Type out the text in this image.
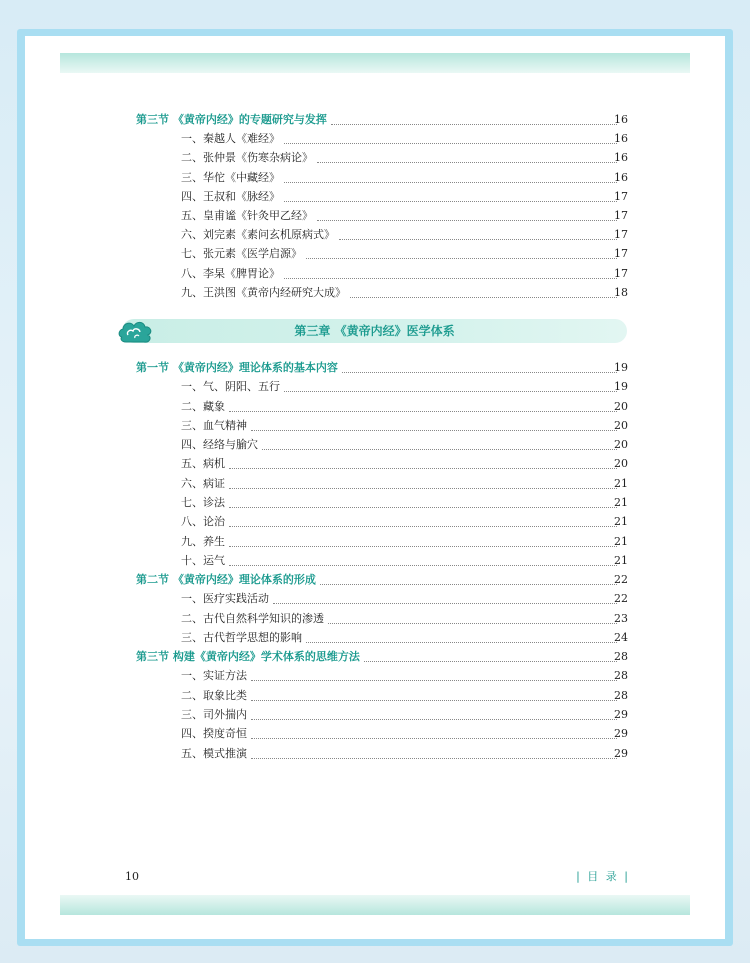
第三节 《黄帝内经》的专题研究与发挥	16
一、秦越人《难经》	16
二、张仲景《伤寒杂病论》	16
三、华佗《中藏经》	16
四、王叔和《脉经》	17
五、皇甫谧《针灸甲乙经》	17
六、刘完素《素问玄机原病式》	17
七、张元素《医学启源》	17
八、李杲《脾胃论》	17
九、王洪图《黄帝内经研究大成》	18
第三章 《黄帝内经》医学体系
第一节 《黄帝内经》理论体系的基本内容	19
一、气、阴阳、五行	19
二、藏象	20
三、血气精神	20
四、经络与腧穴	20
五、病机	20
六、病证	21
七、诊法	21
八、论治	21
九、养生	21
十、运气	21
第二节 《黄帝内经》理论体系的形成	22
一、医疗实践活动	22
二、古代自然科学知识的渗透	23
三、古代哲学思想的影响	24
第三节 构建《黄帝内经》学术体系的思维方法	28
一、实证方法	28
二、取象比类	28
三、司外揣内	29
四、揆度奇恒	29
五、模式推演	29
10	| 目 录 |
